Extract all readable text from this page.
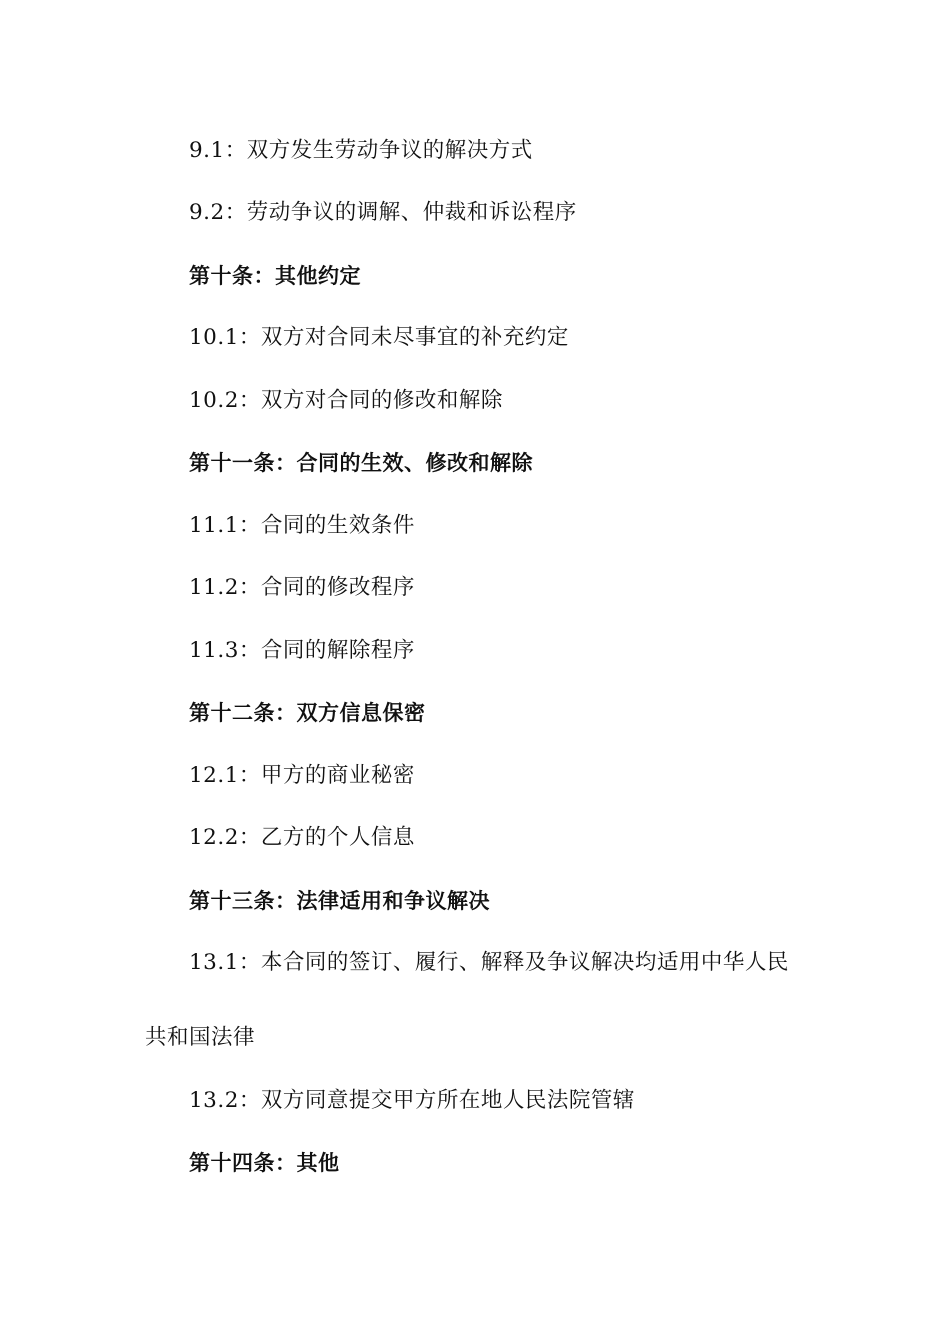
9.1：双方发生劳动争议的解决方式
9.2：劳动争议的调解、仲裁和诉讼程序
第十条：其他约定
10.1：双方对合同未尽事宜的补充约定
10.2：双方对合同的修改和解除
第十一条：合同的生效、修改和解除
11.1：合同的生效条件
11.2：合同的修改程序
11.3：合同的解除程序
第十二条：双方信息保密
12.1：甲方的商业秘密
12.2：乙方的个人信息
第十三条：法律适用和争议解决
13.1：本合同的签订、履行、解释及争议解决均适用中华人民
共和国法律
13.2：双方同意提交甲方所在地人民法院管辖
第十四条：其他
